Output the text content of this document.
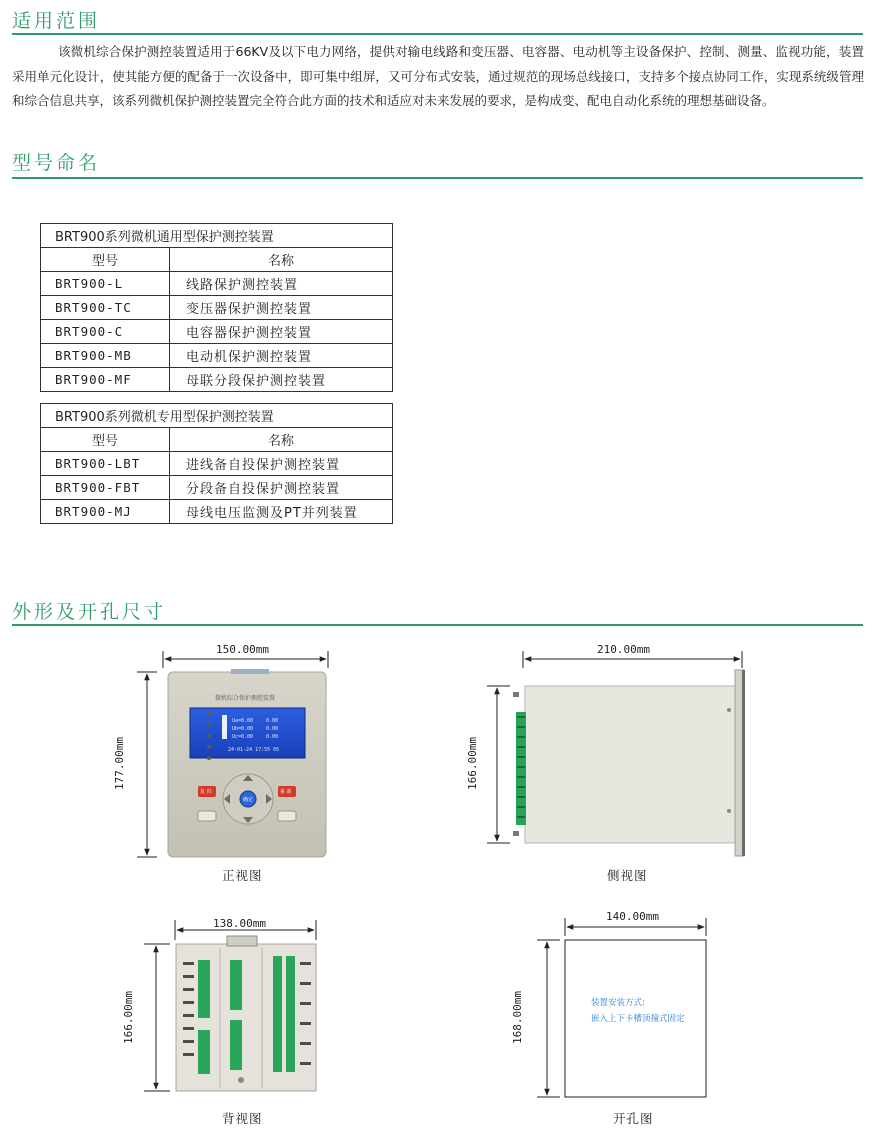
适用范围
该微机综合保护测控装置适用于66KV及以下电力网络，提供对输电线路和变压器、电容器、电动机等主设备保护、控制、测量、监视功能，装置采用单元化设计，使其能方便的配备于一次设备中，即可集中组屏，又可分布式安装，通过规范的现场总线接口，支持多个接点协同工作，实现系统级管理和综合信息共享，该系列微机保护测控装置完全符合此方面的技术和适应对未来发展的要求，是构成变、配电自动化系统的理想基础设备。
型号命名
BRT900系列微机通用型保护测控装置	
型号	名称
BRT900-L	线路保护测控装置
BRT900-TC	变压器保护测控装置
BRT900-C	电容器保护测控装置
BRT900-MB	电动机保护测控装置
BRT900-MF	母联分段保护测控装置
BRT900系列微机专用型保护测控装置	
型号	名称
BRT900-LBT	进线备自投保护测控装置
BRT900-FBT	分段备自投保护测控装置
BRT900-MJ	母线电压监测及PT并列装置
外形及开孔尺寸
Ua=0.00	0.00
Ub=0.00	0.00
Uc=0.00	0.00
24-01-24 17:55 05
150.00mm
177.00mm
微机综合保护测控装置
复 归	重 新
确定
210.00mm
166.00mm
138.00mm
166.00mm
140.00mm
168.00mm	装置安装方式:
嵌入上下卡槽顶撞式固定
正视图	侧视图
背视图	开孔图
